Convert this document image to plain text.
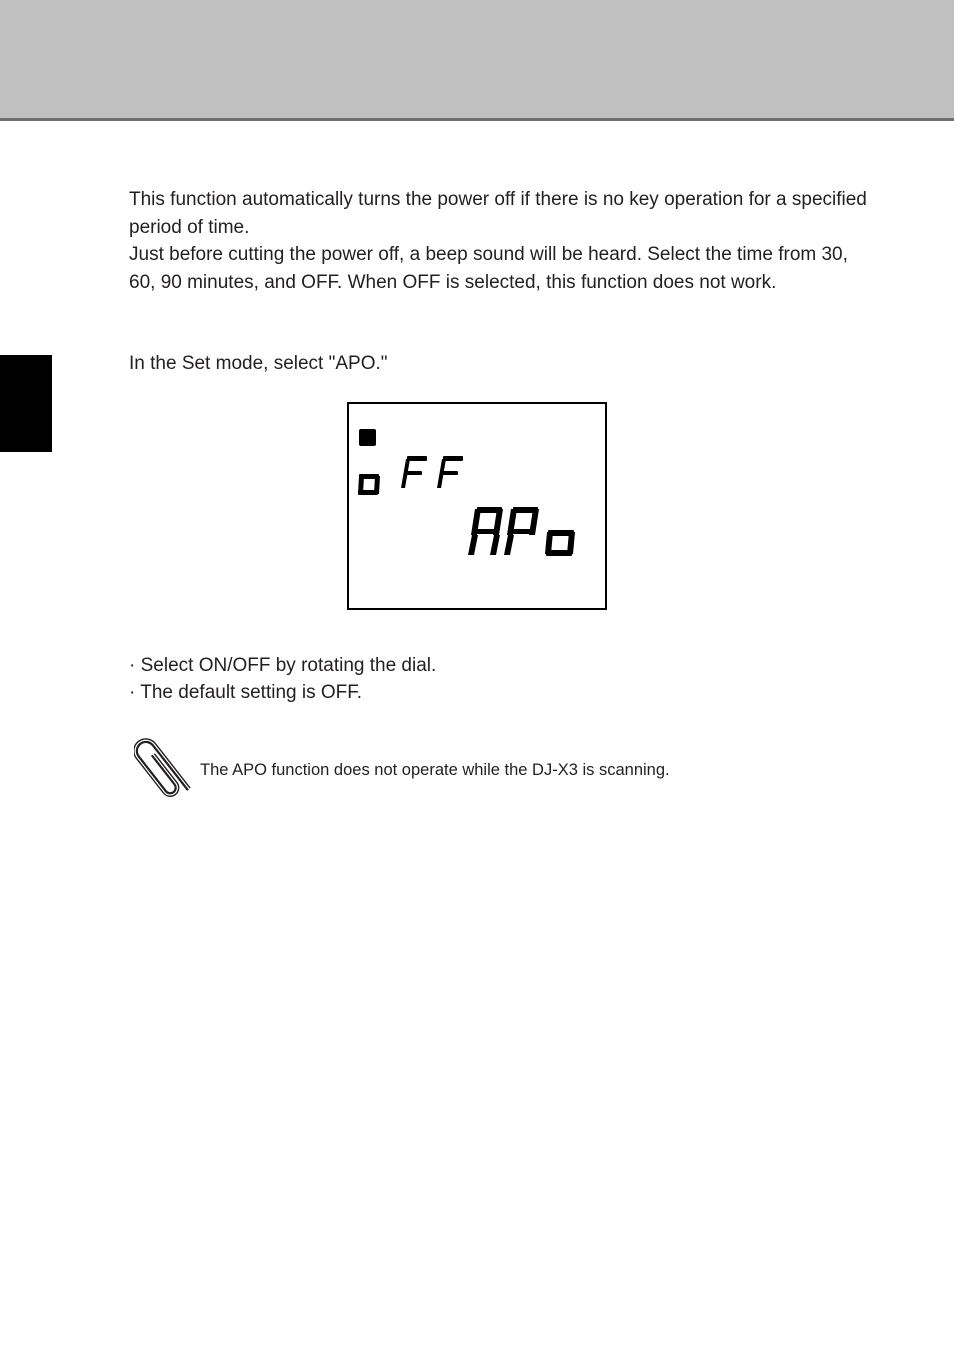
This function automatically turns the power off if there is no key operation for a specified period of time.

Just before cutting the power off, a beep sound will be heard. Select the time from 30, 60, 90 minutes, and OFF. When OFF is selected, this function does not work.

In the Set mode, select "APO."

· Select ON/OFF by rotating the dial.

· The default setting is OFF.

The APO function does not operate while the DJ-X3 is scanning.
